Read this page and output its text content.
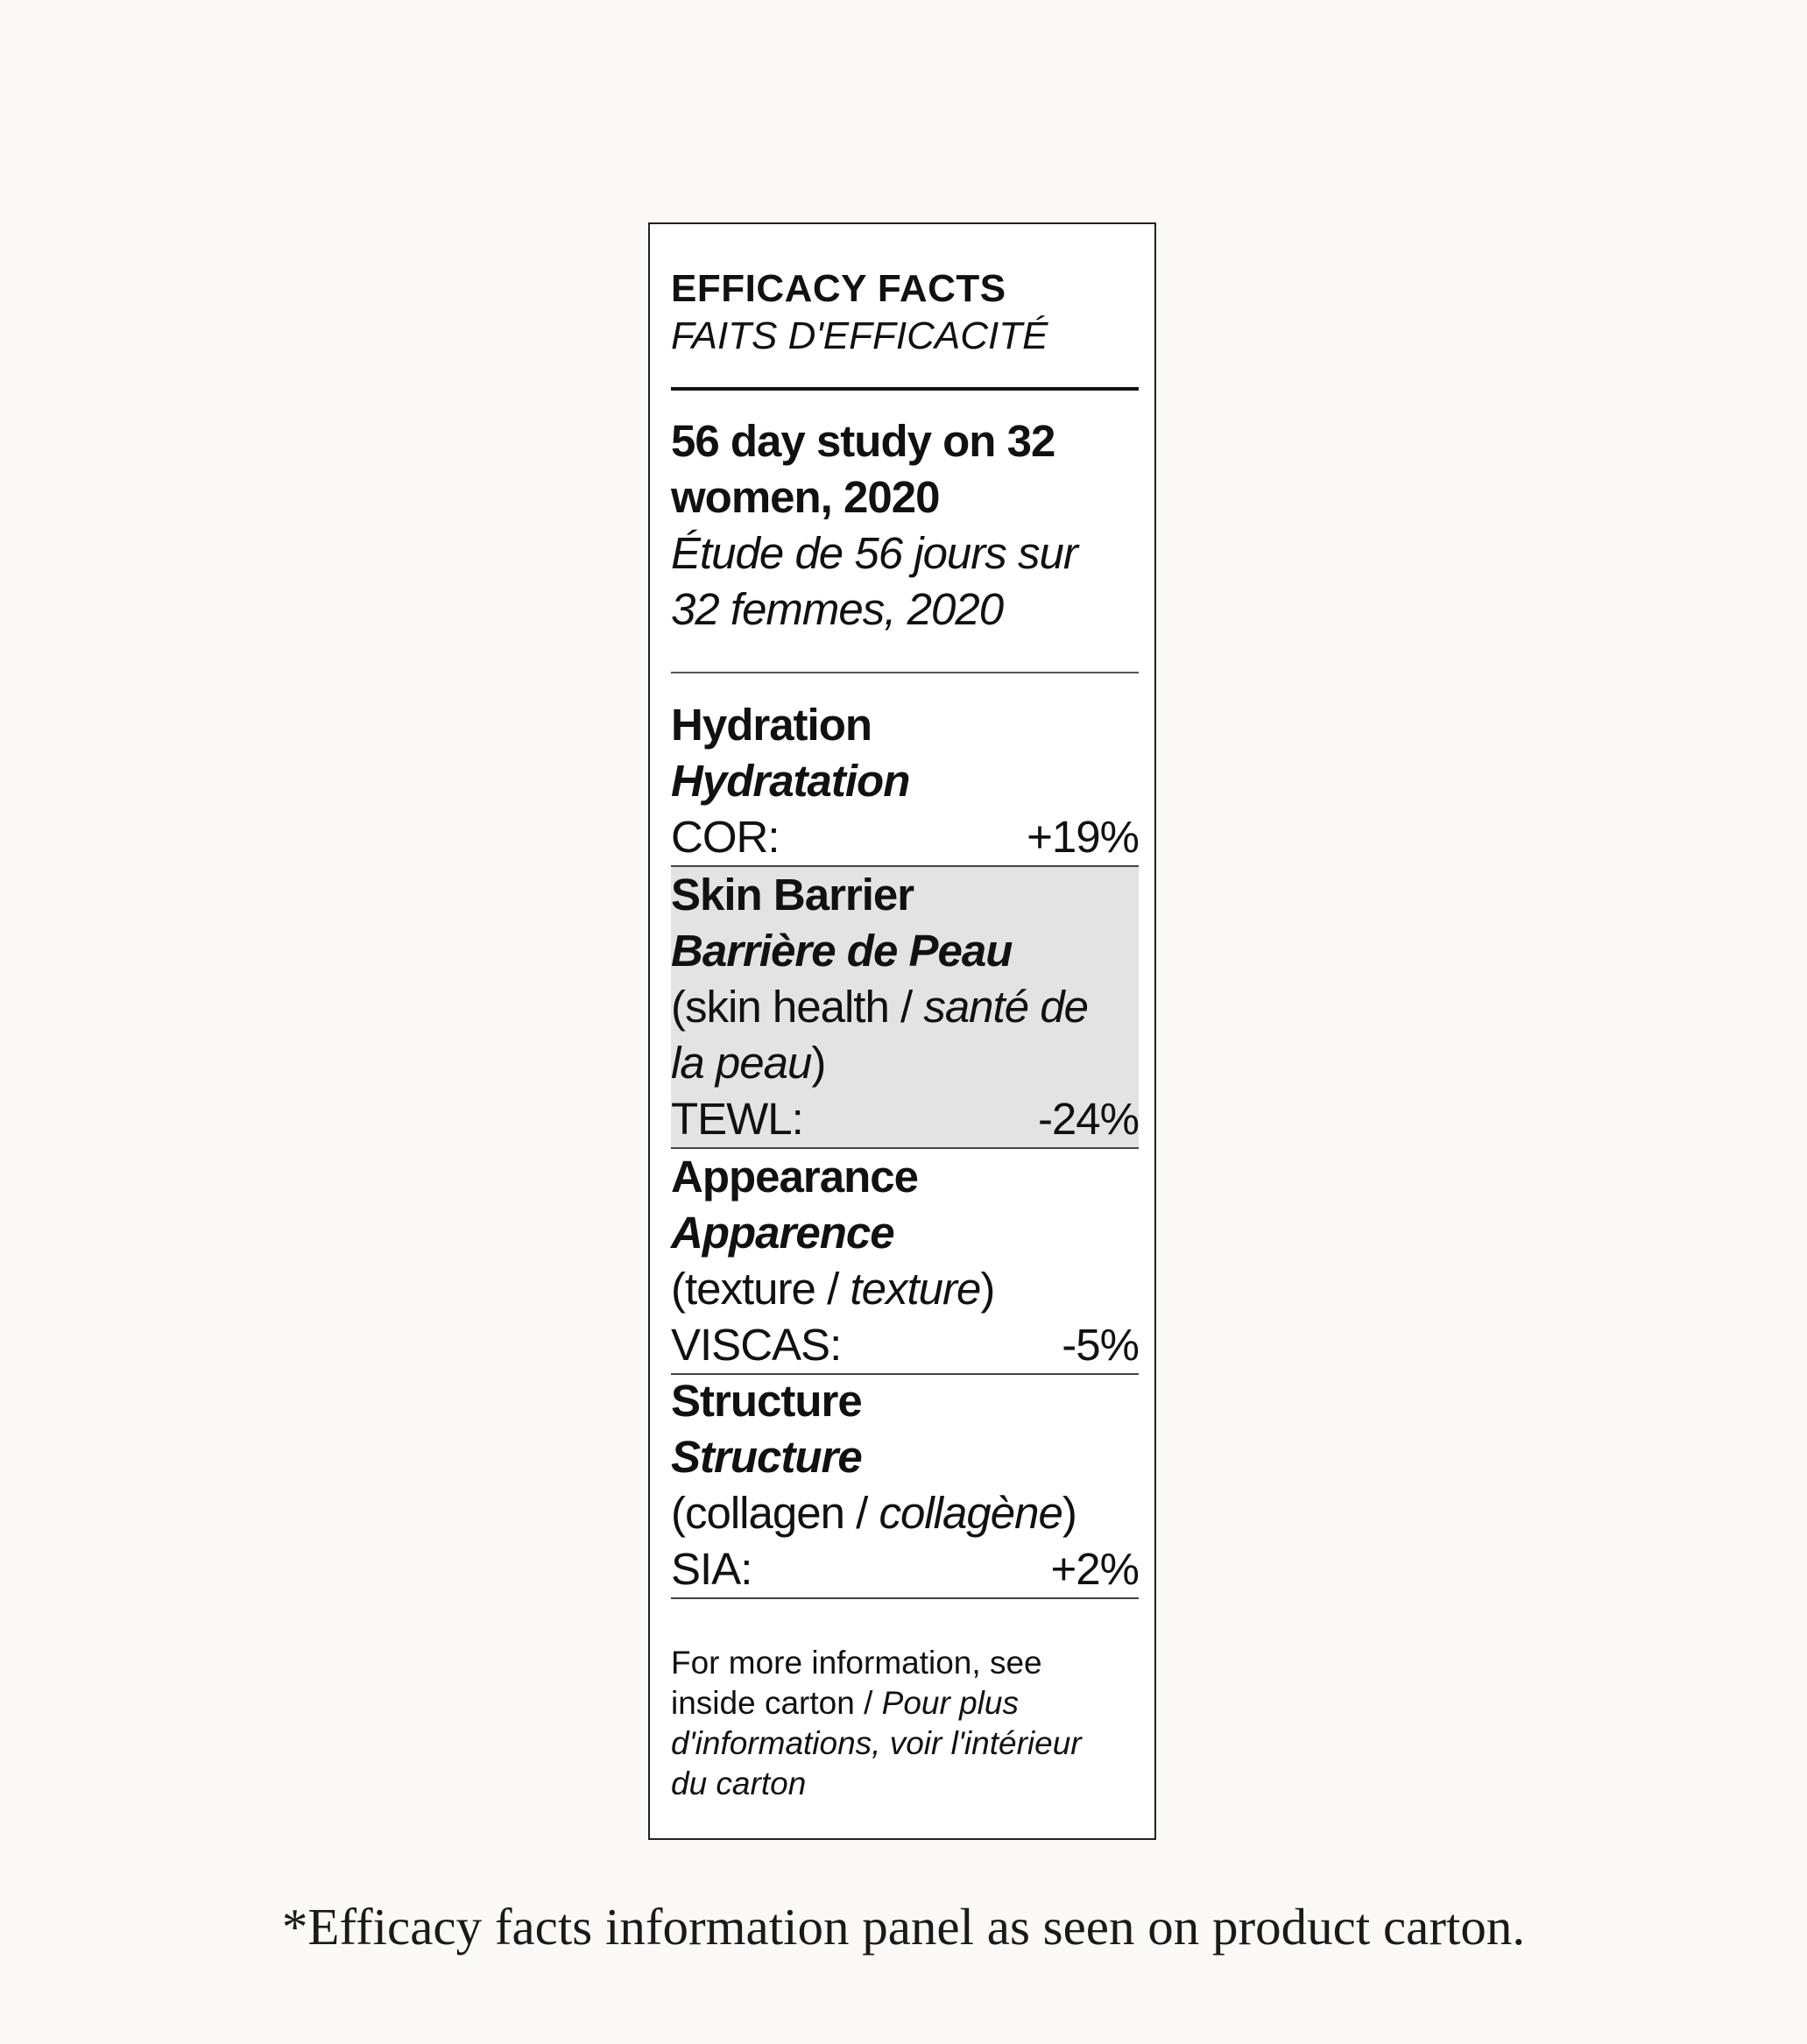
EFFICACY FACTS
FAITS D'EFFICACITÉ
56 day study on 32
women, 2020
Étude de 56 jours sur
32 femmes, 2020
Hydration
Hydratation
COR:	+19%
Skin Barrier
Barrière de Peau
(skin health / santé de
la peau)
TEWL:	-24%
Appearance
Apparence
(texture / texture)
VISCAS:	-5%
Structure
Structure
(collagen / collagène)
SIA:	+2%
For more information, see
inside carton / Pour plus
d'informations, voir l'intérieur
du carton
*Efficacy facts information panel as seen on product carton.
